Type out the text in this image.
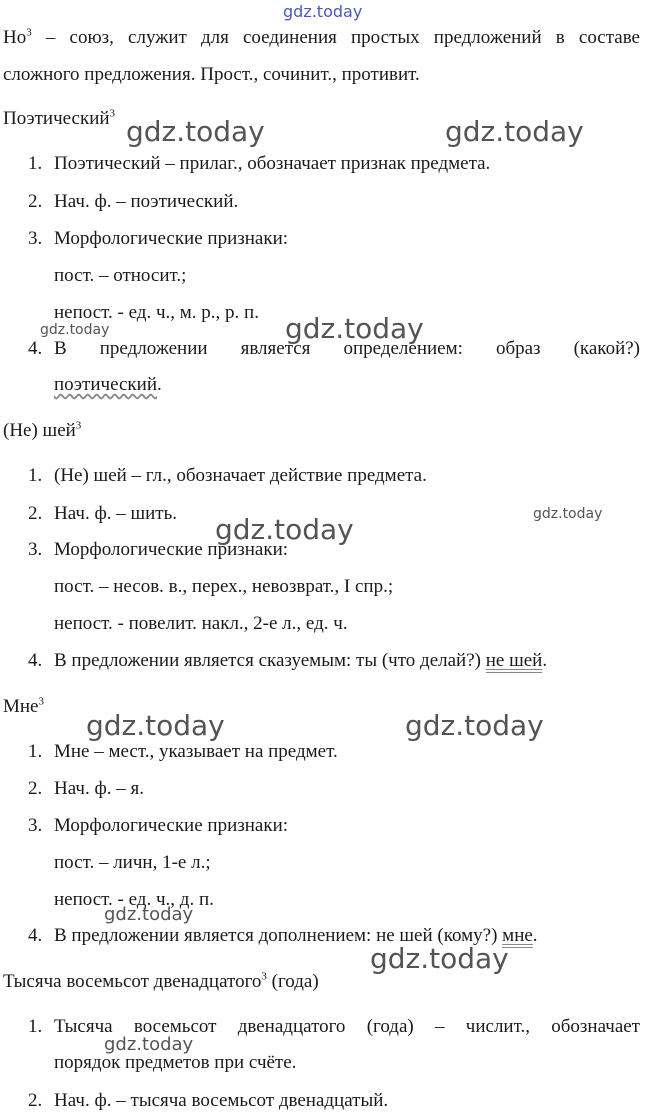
gdz.today
gdz.today	gdz.today
gdz.today
gdz.today
gdz.today	gdz.today
gdz.today	gdz.today
gdz.today
gdz.today
gdz.today
$Но^3$ – союз, служит для соединения простых предложений в составе
сложного предложения. Прост., сочинит., противит.
Поэтический$^3$
1. Поэтический – прилаг., обозначает признак предмета.
2. Нач. ф. – поэтический.
3. Морфологические признаки:
пост. – относит.;
непост. - ед. ч., м. р., р. п.
4. В предложении является определением: образ (какой?)
поэтический.
(Не) шей$^3$
1. (Не) шей – гл., обозначает действие предмета.
2. Нач. ф. – шить.
3. Морфологические признаки:
пост. – несов. в., перех., невозврат., I спр.;
непост. - повелит. накл., 2-е л., ед. ч.
4. В предложении является сказуемым: ты (что делай?) не шей.
Мне$^3$
1. Мне – мест., указывает на предмет.
2. Нач. ф. – я.
3. Морфологические признаки:
пост. – личн, 1-е л.;
непост. - ед. ч., д. п.
4. В предложении является дополнением: не шей (кому?) мне.
Тысяча восемьсот двенадцатого$^3$ (года)
1. Тысяча восемьсот двенадцатого (года) – числит., обозначает
порядок предметов при счёте.
2. Нач. ф. – тысяча восемьсот двенадцатый.
